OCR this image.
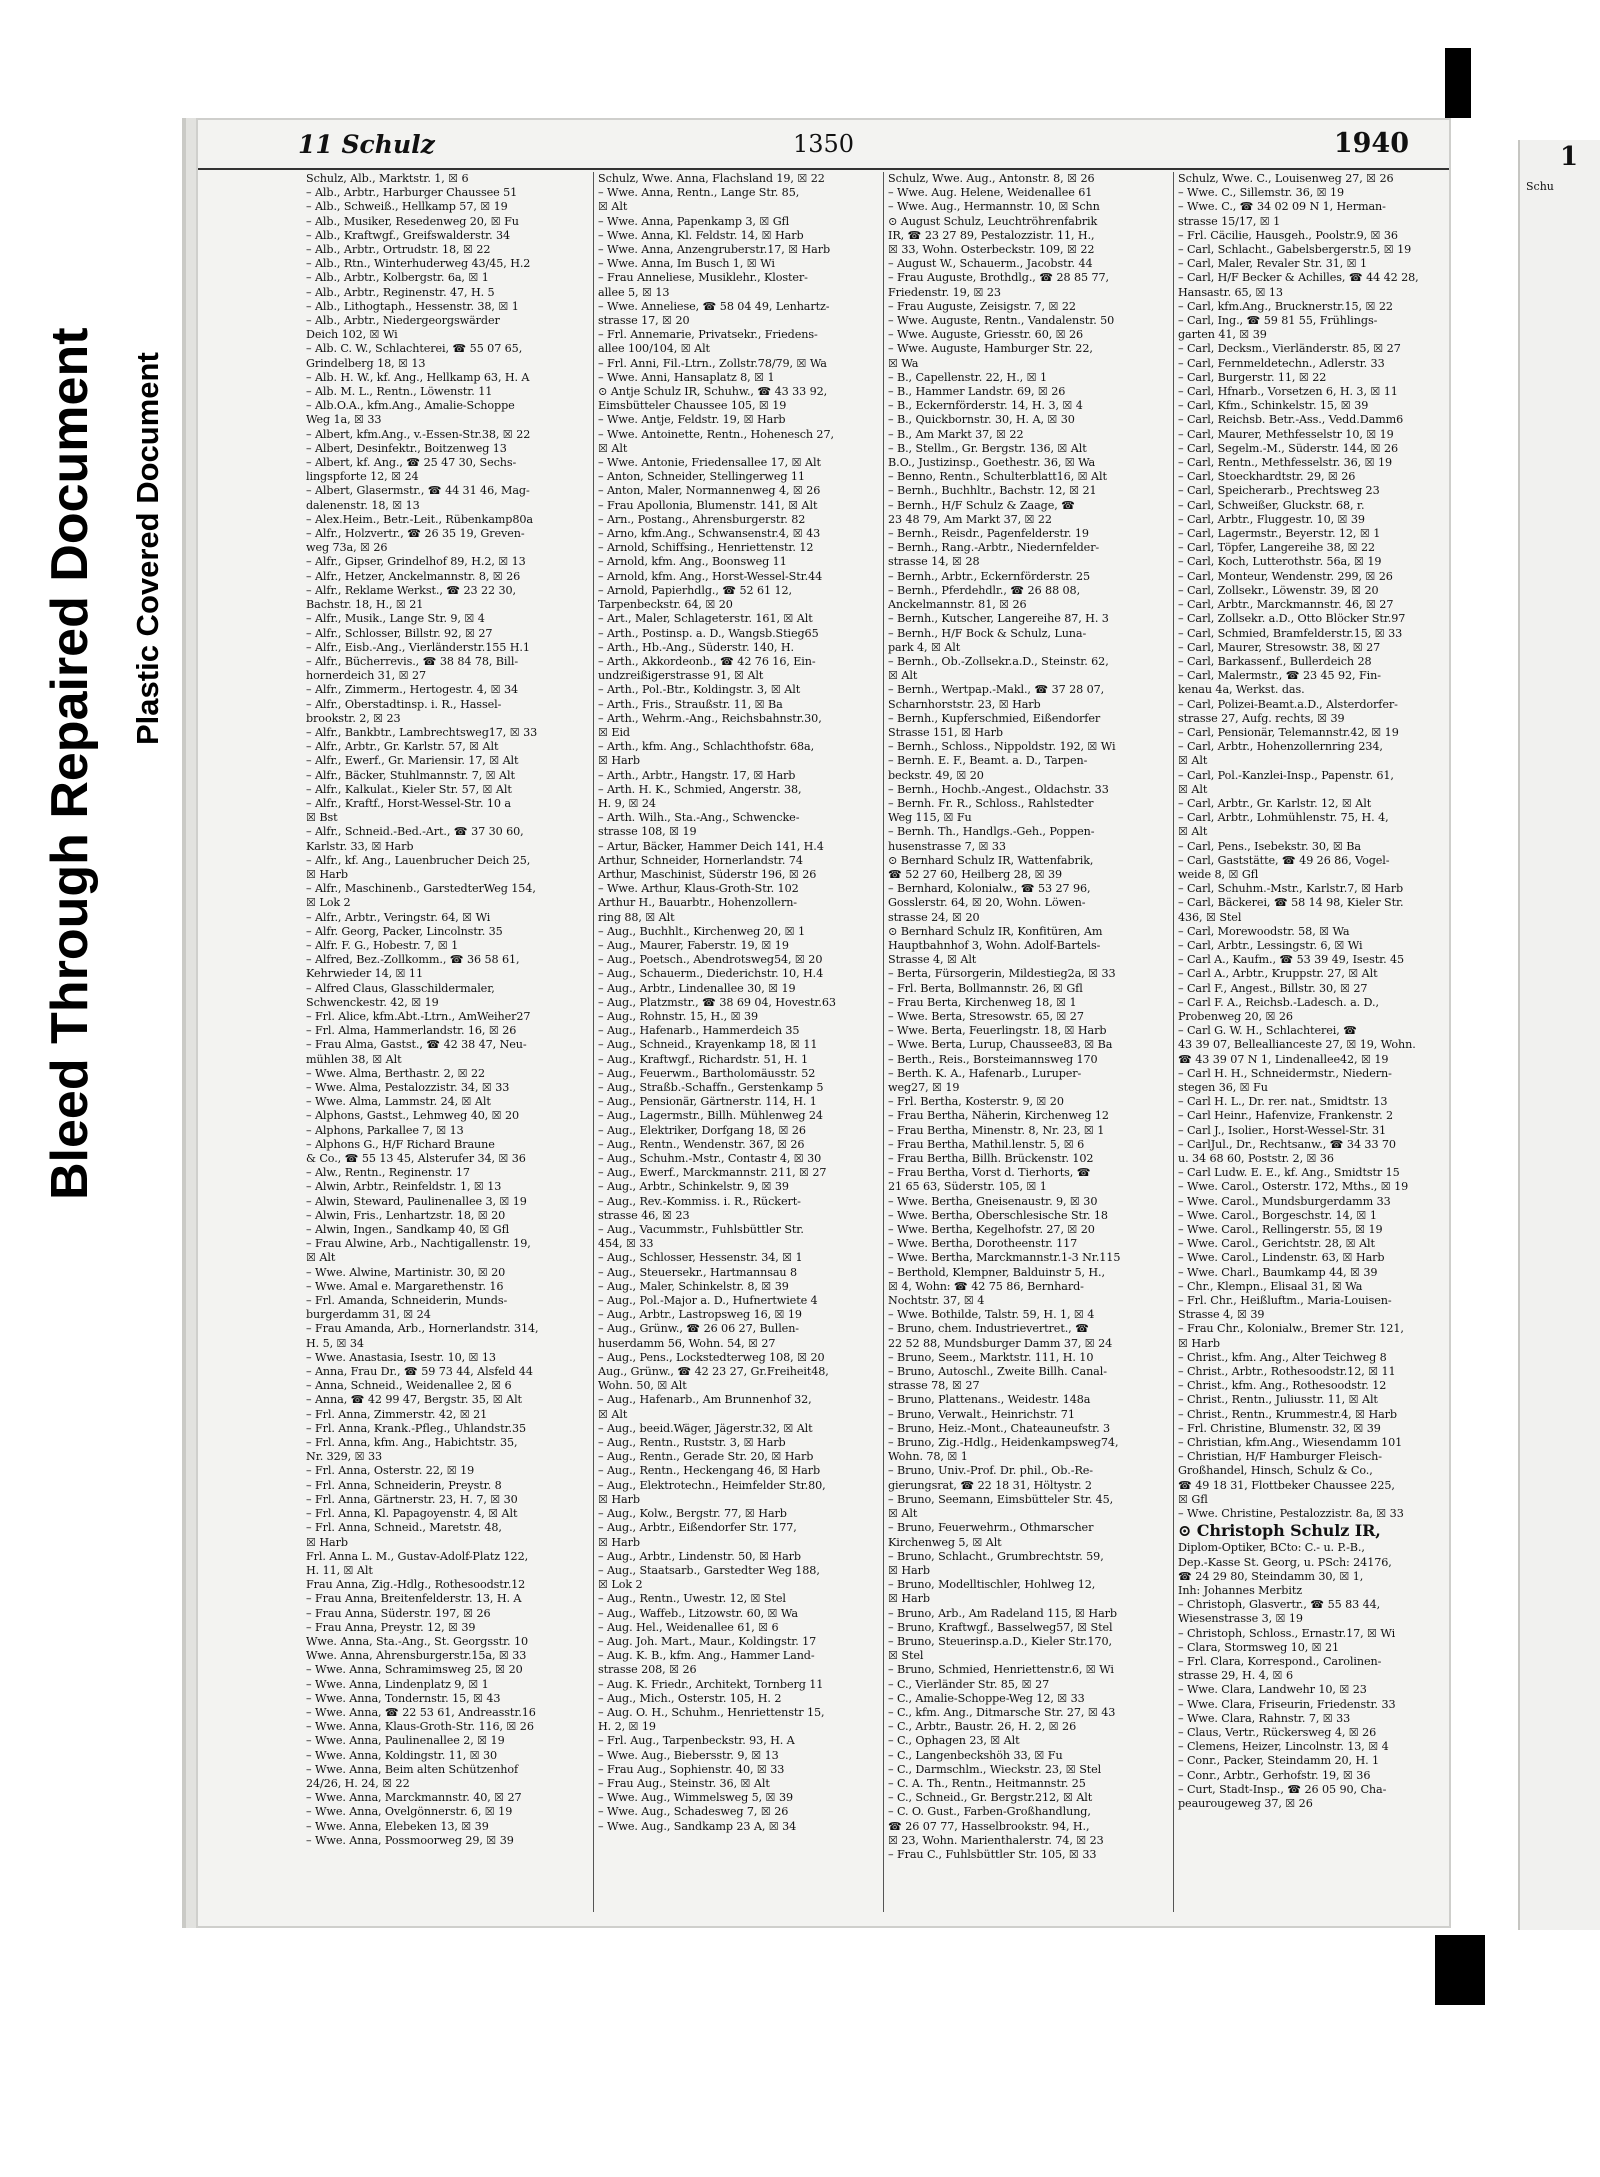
Bleed Through Repaired Document Plastic Covered Document
11 Schulz	1350	1940
Schulz, Alb., Marktstr. 1, ☒ 6
– Alb., Arbtr., Harburger Chaussee 51
– Alb., Schweiß., Hellkamp 57, ☒ 19
– Alb., Musiker, Resedenweg 20, ☒ Fu
– Alb., Kraftwgf., Greifswalderstr. 34
– Alb., Arbtr., Ortrudstr. 18, ☒ 22
– Alb., Rtn., Winterhuderweg 43/45, H.2
– Alb., Arbtr., Kolbergstr. 6a, ☒ 1
– Alb., Arbtr., Reginenstr. 47, H. 5
– Alb., Lithogtaph., Hessenstr. 38, ☒ 1
– Alb., Arbtr., Niedergeorgswärder
Deich 102, ☒ Wi
– Alb. C. W., Schlachterei, ☎ 55 07 65,
Grindelberg 18, ☒ 13
– Alb. H. W., kf. Ang., Hellkamp 63, H. A
– Alb. M. L., Rentn., Löwenstr. 11
– Alb.O.A., kfm.Ang., Amalie-Schoppe
Weg 1a, ☒ 33
– Albert, kfm.Ang., v.-Essen-Str.38, ☒ 22
– Albert, Desinfektr., Boitzenweg 13
– Albert, kf. Ang., ☎ 25 47 30, Sechs-
lingspforte 12, ☒ 24
– Albert, Glasermstr., ☎ 44 31 46, Mag-
dalenenstr. 18, ☒ 13
– Alex.Heim., Betr.-Leit., Rübenkamp80a
– Alfr., Holzvertr., ☎ 26 35 19, Greven-
weg 73a, ☒ 26
– Alfr., Gipser, Grindelhof 89, H.2, ☒ 13
– Alfr., Hetzer, Anckelmannstr. 8, ☒ 26
– Alfr., Reklame Werkst., ☎ 23 22 30,
Bachstr. 18, H., ☒ 21
– Alfr., Musik., Lange Str. 9, ☒ 4
– Alfr., Schlosser, Billstr. 92, ☒ 27
– Alfr., Eisb.-Ang., Vierländerstr.155 H.1
– Alfr., Bücherrevis., ☎ 38 84 78, Bill-
hornerdeich 31, ☒ 27
– Alfr., Zimmerm., Hertogestr. 4, ☒ 34
– Alfr., Oberstadtinsp. i. R., Hassel-
brookstr. 2, ☒ 23
– Alfr., Bankbtr., Lambrechtsweg17, ☒ 33
– Alfr., Arbtr., Gr. Karlstr. 57, ☒ Alt
– Alfr., Ewerf., Gr. Mariensir. 17, ☒ Alt
– Alfr., Bäcker, Stuhlmannstr. 7, ☒ Alt
– Alfr., Kalkulat., Kieler Str. 57, ☒ Alt
– Alfr., Kraftf., Horst-Wessel-Str. 10 a
☒ Bst
– Alfr., Schneid.-Bed.-Art., ☎ 37 30 60,
Karlstr. 33, ☒ Harb
– Alfr., kf. Ang., Lauenbrucher Deich 25,
☒ Harb
– Alfr., Maschinenb., GarstedterWeg 154,
☒ Lok 2
– Alfr., Arbtr., Veringstr. 64, ☒ Wi
– Alfr. Georg, Packer, Lincolnstr. 35
– Alfr. F. G., Hobestr. 7, ☒ 1
– Alfred, Bez.-Zollkomm., ☎ 36 58 61,
Kehrwieder 14, ☒ 11
– Alfred Claus, Glasschildermaler,
Schwenckestr. 42, ☒ 19
– Frl. Alice, kfm.Abt.-Ltrn., AmWeiher27
– Frl. Alma, Hammerlandstr. 16, ☒ 26
– Frau Alma, Gastst., ☎ 42 38 47, Neu-
mühlen 38, ☒ Alt
– Wwe. Alma, Berthastr. 2, ☒ 22
– Wwe. Alma, Pestalozzistr. 34, ☒ 33
– Wwe. Alma, Lammstr. 24, ☒ Alt
– Alphons, Gastst., Lehmweg 40, ☒ 20
– Alphons, Parkallee 7, ☒ 13
– Alphons G., H/F Richard Braune
& Co., ☎ 55 13 45, Alsterufer 34, ☒ 36
– Alw., Rentn., Reginenstr. 17
– Alwin, Arbtr., Reinfeldstr. 1, ☒ 13
– Alwin, Steward, Paulinenallee 3, ☒ 19
– Alwin, Fris., Lenhartzstr. 18, ☒ 20
– Alwin, Ingen., Sandkamp 40, ☒ Gfl
– Frau Alwine, Arb., Nachtigallenstr. 19,
☒ Alt
– Wwe. Alwine, Martinistr. 30, ☒ 20
– Wwe. Amal e. Margarethenstr. 16
– Frl. Amanda, Schneiderin, Munds-
burgerdamm 31, ☒ 24
– Frau Amanda, Arb., Hornerlandstr. 314,
H. 5, ☒ 34
– Wwe. Anastasia, Isestr. 10, ☒ 13
– Anna, Frau Dr., ☎ 59 73 44, Alsfeld 44
– Anna, Schneid., Weidenallee 2, ☒ 6
– Anna, ☎ 42 99 47, Bergstr. 35, ☒ Alt
– Frl. Anna, Zimmerstr. 42, ☒ 21
– Frl. Anna, Krank.-Pfleg., Uhlandstr.35
– Frl. Anna, kfm. Ang., Habichtstr. 35,
Nr. 329, ☒ 33
– Frl. Anna, Osterstr. 22, ☒ 19
– Frl. Anna, Schneiderin, Preystr. 8
– Frl. Anna, Gärtnerstr. 23, H. 7, ☒ 30
– Frl. Anna, Kl. Papagoyenstr. 4, ☒ Alt
– Frl. Anna, Schneid., Maretstr. 48,
☒ Harb
Frl. Anna L. M., Gustav-Adolf-Platz 122,
H. 11, ☒ Alt
Frau Anna, Zig.-Hdlg., Rothesoodstr.12
– Frau Anna, Breitenfelderstr. 13, H. A
– Frau Anna, Süderstr. 197, ☒ 26
– Frau Anna, Preystr. 12, ☒ 39
Wwe. Anna, Sta.-Ang., St. Georgsstr. 10
Wwe. Anna, Ahrensburgerstr.15a, ☒ 33
– Wwe. Anna, Schramimsweg 25, ☒ 20
– Wwe. Anna, Lindenplatz 9, ☒ 1
– Wwe. Anna, Tondernstr. 15, ☒ 43
– Wwe. Anna, ☎ 22 53 61, Andreasstr.16
– Wwe. Anna, Klaus-Groth-Str. 116, ☒ 26
– Wwe. Anna, Paulinenallee 2, ☒ 19
– Wwe. Anna, Koldingstr. 11, ☒ 30
– Wwe. Anna, Beim alten Schützenhof
24/26, H. 24, ☒ 22
– Wwe. Anna, Marckmannstr. 40, ☒ 27
– Wwe. Anna, Ovelgönnerstr. 6, ☒ 19
– Wwe. Anna, Elebeken 13, ☒ 39
– Wwe. Anna, Possmoorweg 29, ☒ 39
Schulz, Wwe. Anna, Flachsland 19, ☒ 22
– Wwe. Anna, Rentn., Lange Str. 85,
☒ Alt
– Wwe. Anna, Papenkamp 3, ☒ Gfl
– Wwe. Anna, Kl. Feldstr. 14, ☒ Harb
– Wwe. Anna, Anzengruberstr.17, ☒ Harb
– Wwe. Anna, Im Busch 1, ☒ Wi
– Frau Anneliese, Musiklehr., Kloster-
allee 5, ☒ 13
– Wwe. Anneliese, ☎ 58 04 49, Lenhartz-
strasse 17, ☒ 20
– Frl. Annemarie, Privatsekr., Friedens-
allee 100/104, ☒ Alt
– Frl. Anni, Fil.-Ltrn., Zollstr.78/79, ☒ Wa
– Wwe. Anni, Hansaplatz 8, ☒ 1
⊙ Antje Schulz IR, Schuhw., ☎ 43 33 92,
Eimsbütteler Chaussee 105, ☒ 19
– Wwe. Antje, Feldstr. 19, ☒ Harb
– Wwe. Antoinette, Rentn., Hohenesch 27,
☒ Alt
– Wwe. Antonie, Friedensallee 17, ☒ Alt
– Anton, Schneider, Stellingerweg 11
– Anton, Maler, Normannenweg 4, ☒ 26
– Frau Apollonia, Blumenstr. 141, ☒ Alt
– Arn., Postang., Ahrensburgerstr. 82
– Arno, kfm.Ang., Schwansenstr.4, ☒ 43
– Arnold, Schiffsing., Henriettenstr. 12
– Arnold, kfm. Ang., Boonsweg 11
– Arnold, kfm. Ang., Horst-Wessel-Str.44
– Arnold, Papierhdlg., ☎ 52 61 12,
Tarpenbeckstr. 64, ☒ 20
– Art., Maler, Schlageterstr. 161, ☒ Alt
– Arth., Postinsp. a. D., Wangsb.Stieg65
– Arth., Hb.-Ang., Süderstr. 140, H.
– Arth., Akkordeonb., ☎ 42 76 16, Ein-
undzreißigerstrasse 91, ☒ Alt
– Arth., Pol.-Btr., Koldingstr. 3, ☒ Alt
– Arth., Fris., Straußstr. 11, ☒ Ba
– Arth., Wehrm.-Ang., Reichsbahnstr.30,
☒ Eid
– Arth., kfm. Ang., Schlachthofstr. 68a,
☒ Harb
– Arth., Arbtr., Hangstr. 17, ☒ Harb
– Arth. H. K., Schmied, Angerstr. 38,
H. 9, ☒ 24
– Arth. Wilh., Sta.-Ang., Schwencke-
strasse 108, ☒ 19
– Artur, Bäcker, Hammer Deich 141, H.4
Arthur, Schneider, Hornerlandstr. 74
Arthur, Maschinist, Süderstr 196, ☒ 26
– Wwe. Arthur, Klaus-Groth-Str. 102
Arthur H., Bauarbtr., Hohenzollern-
ring 88, ☒ Alt
– Aug., Buchhlt., Kirchenweg 20, ☒ 1
– Aug., Maurer, Faberstr. 19, ☒ 19
– Aug., Poetsch., Abendrotsweg54, ☒ 20
– Aug., Schauerm., Diederichstr. 10, H.4
– Aug., Arbtr., Lindenallee 30, ☒ 19
– Aug., Platzmstr., ☎ 38 69 04, Hovestr.63
– Aug., Rohnstr. 15, H., ☒ 39
– Aug., Hafenarb., Hammerdeich 35
– Aug., Schneid., Krayenkamp 18, ☒ 11
– Aug., Kraftwgf., Richardstr. 51, H. 1
– Aug., Feuerwm., Bartholomäusstr. 52
– Aug., Straßb.-Schaffn., Gerstenkamp 5
– Aug., Pensionär, Gärtnerstr. 114, H. 1
– Aug., Lagermstr., Billh. Mühlenweg 24
– Aug., Elektriker, Dorfgang 18, ☒ 26
– Aug., Rentn., Wendenstr. 367, ☒ 26
– Aug., Schuhm.-Mstr., Contastr 4, ☒ 30
– Aug., Ewerf., Marckmannstr. 211, ☒ 27
– Aug., Arbtr., Schinkelstr. 9, ☒ 39
– Aug., Rev.-Kommiss. i. R., Rückert-
strasse 46, ☒ 23
– Aug., Vacummstr., Fuhlsbüttler Str.
454, ☒ 33
– Aug., Schlosser, Hessenstr. 34, ☒ 1
– Aug., Steuersekr., Hartmannsau 8
– Aug., Maler, Schinkelstr. 8, ☒ 39
– Aug., Pol.-Major a. D., Hufnertwiete 4
– Aug., Arbtr., Lastropsweg 16, ☒ 19
– Aug., Grünw., ☎ 26 06 27, Bullen-
huserdamm 56, Wohn. 54, ☒ 27
– Aug., Pens., Lockstedterweg 108, ☒ 20
Aug., Grünw., ☎ 42 23 27, Gr.Freiheit48,
Wohn. 50, ☒ Alt
– Aug., Hafenarb., Am Brunnenhof 32,
☒ Alt
– Aug., beeid.Wäger, Jägerstr.32, ☒ Alt
– Aug., Rentn., Ruststr. 3, ☒ Harb
– Aug., Rentn., Gerade Str. 20, ☒ Harb
– Aug., Rentn., Heckengang 46, ☒ Harb
– Aug., Elektrotechn., Heimfelder Str.80,
☒ Harb
– Aug., Kolw., Bergstr. 77, ☒ Harb
– Aug., Arbtr., Eißendorfer Str. 177,
☒ Harb
– Aug., Arbtr., Lindenstr. 50, ☒ Harb
– Aug., Staatsarb., Garstedter Weg 188,
☒ Lok 2
– Aug., Rentn., Uwestr. 12, ☒ Stel
– Aug., Waffeb., Litzowstr. 60, ☒ Wa
– Aug. Hel., Weidenallee 61, ☒ 6
– Aug. Joh. Mart., Maur., Koldingstr. 17
– Aug. K. B., kfm. Ang., Hammer Land-
strasse 208, ☒ 26
– Aug. K. Friedr., Architekt, Tornberg 11
– Aug., Mich., Osterstr. 105, H. 2
– Aug. O. H., Schuhm., Henriettenstr 15,
H. 2, ☒ 19
– Frl. Aug., Tarpenbeckstr. 93, H. A
– Wwe. Aug., Biebersstr. 9, ☒ 13
– Frau Aug., Sophienstr. 40, ☒ 33
– Frau Aug., Steinstr. 36, ☒ Alt
– Wwe. Aug., Wimmelsweg 5, ☒ 39
– Wwe. Aug., Schadesweg 7, ☒ 26
– Wwe. Aug., Sandkamp 23 A, ☒ 34
Schulz, Wwe. Aug., Antonstr. 8, ☒ 26
– Wwe. Aug. Helene, Weidenallee 61
– Wwe. Aug., Hermannstr. 10, ☒ Schn
⊙ August Schulz, Leuchtröhrenfabrik
IR, ☎ 23 27 89, Pestalozzistr. 11, H.,
☒ 33, Wohn. Osterbeckstr. 109, ☒ 22
– August W., Schauerm., Jacobstr. 44
– Frau Auguste, Brothdlg., ☎ 28 85 77,
Friedenstr. 19, ☒ 23
– Frau Auguste, Zeisigstr. 7, ☒ 22
– Wwe. Auguste, Rentn., Vandalenstr. 50
– Wwe. Auguste, Griesstr. 60, ☒ 26
– Wwe. Auguste, Hamburger Str. 22,
☒ Wa
– B., Capellenstr. 22, H., ☒ 1
– B., Hammer Landstr. 69, ☒ 26
– B., Eckernförderstr. 14, H. 3, ☒ 4
– B., Quickbornstr. 30, H. A, ☒ 30
– B., Am Markt 37, ☒ 22
– B., Stellm., Gr. Bergstr. 136, ☒ Alt
B.O., Justizinsp., Goethestr. 36, ☒ Wa
– Benno, Rentn., Schulterblatt16, ☒ Alt
– Bernh., Buchhltr., Bachstr. 12, ☒ 21
– Bernh., H/F Schulz & Zaage, ☎
23 48 79, Am Markt 37, ☒ 22
– Bernh., Reisdr., Pagenfelderstr. 19
– Bernh., Rang.-Arbtr., Niedernfelder-
strasse 14, ☒ 28
– Bernh., Arbtr., Eckernförderstr. 25
– Bernh., Pferdehdlr., ☎ 26 88 08,
Anckelmannstr. 81, ☒ 26
– Bernh., Kutscher, Langereihe 87, H. 3
– Bernh., H/F Bock & Schulz, Luna-
park 4, ☒ Alt
– Bernh., Ob.-Zollsekr.a.D., Steinstr. 62,
☒ Alt
– Bernh., Wertpap.-Makl., ☎ 37 28 07,
Scharnhorststr. 23, ☒ Harb
– Bernh., Kupferschmied, Eißendorfer
Strasse 151, ☒ Harb
– Bernh., Schloss., Nippoldstr. 192, ☒ Wi
– Bernh. E. F., Beamt. a. D., Tarpen-
beckstr. 49, ☒ 20
– Bernh., Hochb.-Angest., Oldachstr. 33
– Bernh. Fr. R., Schloss., Rahlstedter
Weg 115, ☒ Fu
– Bernh. Th., Handlgs.-Geh., Poppen-
husenstrasse 7, ☒ 33
⊙ Bernhard Schulz IR, Wattenfabrik,
☎ 52 27 60, Heilberg 28, ☒ 39
– Bernhard, Kolonialw., ☎ 53 27 96,
Gosslerstr. 64, ☒ 20, Wohn. Löwen-
strasse 24, ☒ 20
⊙ Bernhard Schulz IR, Konfitüren, Am
Hauptbahnhof 3, Wohn. Adolf-Bartels-
Strasse 4, ☒ Alt
– Berta, Fürsorgerin, Mildestieg2a, ☒ 33
– Frl. Berta, Bollmannstr. 26, ☒ Gfl
– Frau Berta, Kirchenweg 18, ☒ 1
– Wwe. Berta, Stresowstr. 65, ☒ 27
– Wwe. Berta, Feuerlingstr. 18, ☒ Harb
– Wwe. Berta, Lurup, Chaussee83, ☒ Ba
– Berth., Reis., Borsteimannsweg 170
– Berth. K. A., Hafenarb., Luruper-
weg27, ☒ 19
– Frl. Bertha, Kosterstr. 9, ☒ 20
– Frau Bertha, Näherin, Kirchenweg 12
– Frau Bertha, Minenstr. 8, Nr. 23, ☒ 1
– Frau Bertha, Mathil.lenstr. 5, ☒ 6
– Frau Bertha, Billh. Brückenstr. 102
– Frau Bertha, Vorst d. Tierhorts, ☎
21 65 63, Süderstr. 105, ☒ 1
– Wwe. Bertha, Gneisenaustr. 9, ☒ 30
– Wwe. Bertha, Oberschlesische Str. 18
– Wwe. Bertha, Kegelhofstr. 27, ☒ 20
– Wwe. Bertha, Dorotheenstr. 117
– Wwe. Bertha, Marckmannstr.1-3 Nr.115
– Berthold, Klempner, Balduinstr 5, H.,
☒ 4, Wohn: ☎ 42 75 86, Bernhard-
Nochtstr. 37, ☒ 4
– Wwe. Bothilde, Talstr. 59, H. 1, ☒ 4
– Bruno, chem. Industrievertret., ☎
22 52 88, Mundsburger Damm 37, ☒ 24
– Bruno, Seem., Marktstr. 111, H. 10
– Bruno, Autoschl., Zweite Billh. Canal-
strasse 78, ☒ 27
– Bruno, Plattenans., Weidestr. 148a
– Bruno, Verwalt., Heinrichstr. 71
– Bruno, Heiz.-Mont., Chateauneufstr. 3
– Bruno, Zig.-Hdlg., Heidenkampsweg74,
Wohn. 78, ☒ 1
– Bruno, Univ.-Prof. Dr. phil., Ob.-Re-
gierungsrat, ☎ 22 18 31, Höltystr. 2
– Bruno, Seemann, Eimsbütteler Str. 45,
☒ Alt
– Bruno, Feuerwehrm., Othmarscher
Kirchenweg 5, ☒ Alt
– Bruno, Schlacht., Grumbrechtstr. 59,
☒ Harb
– Bruno, Modelltischler, Hohlweg 12,
☒ Harb
– Bruno, Arb., Am Radeland 115, ☒ Harb
– Bruno, Kraftwgf., Basselweg57, ☒ Stel
– Bruno, Steuerinsp.a.D., Kieler Str.170,
☒ Stel
– Bruno, Schmied, Henriettenstr.6, ☒ Wi
– C., Vierländer Str. 85, ☒ 27
– C., Amalie-Schoppe-Weg 12, ☒ 33
– C., kfm. Ang., Ditmarsche Str. 27, ☒ 43
– C., Arbtr., Baustr. 26, H. 2, ☒ 26
– C., Ophagen 23, ☒ Alt
– C., Langenbeckshöh 33, ☒ Fu
– C., Darmschlm., Wieckstr. 23, ☒ Stel
– C. A. Th., Rentn., Heitmannstr. 25
– C., Schneid., Gr. Bergstr.212, ☒ Alt
– C. O. Gust., Farben-Großhandlung,
☎ 26 07 77, Hasselbrookstr. 94, H.,
☒ 23, Wohn. Marienthalerstr. 74, ☒ 23
– Frau C., Fuhlsbüttler Str. 105, ☒ 33
Schulz, Wwe. C., Louisenweg 27, ☒ 26
– Wwe. C., Sillemstr. 36, ☒ 19
– Wwe. C., ☎ 34 02 09 N 1, Herman-
strasse 15/17, ☒ 1
– Frl. Cäcilie, Hausgeh., Poolstr.9, ☒ 36
– Carl, Schlacht., Gabelsbergerstr.5, ☒ 19
– Carl, Maler, Revaler Str. 31, ☒ 1
– Carl, H/F Becker & Achilles, ☎ 44 42 28,
Hansastr. 65, ☒ 13
– Carl, kfm.Ang., Brucknerstr.15, ☒ 22
– Carl, Ing., ☎ 59 81 55, Frühlings-
garten 41, ☒ 39
– Carl, Decksm., Vierländerstr. 85, ☒ 27
– Carl, Fernmeldetechn., Adlerstr. 33
– Carl, Burgerstr. 11, ☒ 22
– Carl, Hfnarb., Vorsetzen 6, H. 3, ☒ 11
– Carl, Kfm., Schinkelstr. 15, ☒ 39
– Carl, Reichsb. Betr.-Ass., Vedd.Damm6
– Carl, Maurer, Methfesselstr 10, ☒ 19
– Carl, Segelm.-M., Süderstr. 144, ☒ 26
– Carl, Rentn., Methfesselstr. 36, ☒ 19
– Carl, Stoeckhardtstr. 29, ☒ 26
– Carl, Speicherarb., Prechtsweg 23
– Carl, Schweißer, Gluckstr. 68, r.
– Carl, Arbtr., Fluggestr. 10, ☒ 39
– Carl, Lagermstr., Beyerstr. 12, ☒ 1
– Carl, Töpfer, Langereihe 38, ☒ 22
– Carl, Koch, Lutterothstr. 56a, ☒ 19
– Carl, Monteur, Wendenstr. 299, ☒ 26
– Carl, Zollsekr., Löwenstr. 39, ☒ 20
– Carl, Arbtr., Marckmannstr. 46, ☒ 27
– Carl, Zollsekr. a.D., Otto Blöcker Str.97
– Carl, Schmied, Bramfelderstr.15, ☒ 33
– Carl, Maurer, Stresowstr. 38, ☒ 27
– Carl, Barkassenf., Bullerdeich 28
– Carl, Malermstr., ☎ 23 45 92, Fin-
kenau 4a, Werkst. das.
– Carl, Polizei-Beamt.a.D., Alsterdorfer-
strasse 27, Aufg. rechts, ☒ 39
– Carl, Pensionär, Telemannstr.42, ☒ 19
– Carl, Arbtr., Hohenzollernring 234,
☒ Alt
– Carl, Pol.-Kanzlei-Insp., Papenstr. 61,
☒ Alt
– Carl, Arbtr., Gr. Karlstr. 12, ☒ Alt
– Carl, Arbtr., Lohmühlenstr. 75, H. 4,
☒ Alt
– Carl, Pens., Isebekstr. 30, ☒ Ba
– Carl, Gaststätte, ☎ 49 26 86, Vogel-
weide 8, ☒ Gfl
– Carl, Schuhm.-Mstr., Karlstr.7, ☒ Harb
– Carl, Bäckerei, ☎ 58 14 98, Kieler Str.
436, ☒ Stel
– Carl, Morewoodstr. 58, ☒ Wa
– Carl, Arbtr., Lessingstr. 6, ☒ Wi
– Carl A., Kaufm., ☎ 53 39 49, Isestr. 45
– Carl A., Arbtr., Kruppstr. 27, ☒ Alt
– Carl F., Angest., Billstr. 30, ☒ 27
– Carl F. A., Reichsb.-Ladesch. a. D.,
Probenweg 20, ☒ 26
– Carl G. W. H., Schlachterei, ☎
43 39 07, Belleallianceste 27, ☒ 19, Wohn.
☎ 43 39 07 N 1, Lindenallee42, ☒ 19
– Carl H. H., Schneidermstr., Niedern-
stegen 36, ☒ Fu
– Carl H. L., Dr. rer. nat., Smidtstr. 13
– Carl Heinr., Hafenvize, Frankenstr. 2
– Carl J., Isolier., Horst-Wessel-Str. 31
– CarlJul., Dr., Rechtsanw., ☎ 34 33 70
u. 34 68 60, Poststr. 2, ☒ 36
– Carl Ludw. E. E., kf. Ang., Smidtstr 15
– Wwe. Carol., Osterstr. 172, Mths., ☒ 19
– Wwe. Carol., Mundsburgerdamm 33
– Wwe. Carol., Borgeschstr. 14, ☒ 1
– Wwe. Carol., Rellingerstr. 55, ☒ 19
– Wwe. Carol., Gerichtstr. 28, ☒ Alt
– Wwe. Carol., Lindenstr. 63, ☒ Harb
– Wwe. Charl., Baumkamp 44, ☒ 39
– Chr., Klempn., Elisaal 31, ☒ Wa
– Frl. Chr., Heißluftm., Maria-Louisen-
Strasse 4, ☒ 39
– Frau Chr., Kolonialw., Bremer Str. 121,
☒ Harb
– Christ., kfm. Ang., Alter Teichweg 8
– Christ., Arbtr., Rothesoodstr.12, ☒ 11
– Christ., kfm. Ang., Rothesoodstr. 12
– Christ., Rentn., Juliusstr. 11, ☒ Alt
– Christ., Rentn., Krummestr.4, ☒ Harb
– Frl. Christine, Blumenstr. 32, ☒ 39
– Christian, kfm.Ang., Wiesendamm 101
– Christian, H/F Hamburger Fleisch-
Großhandel, Hinsch, Schulz & Co.,
☎ 49 18 31, Flottbeker Chaussee 225,
☒ Gfl
– Wwe. Christine, Pestalozzistr. 8a, ☒ 33
⊙ Christoph Schulz IR,
Diplom-Optiker, BCto: C.- u. P.-B.,
Dep.-Kasse St. Georg, u. PSch: 24176,
☎ 24 29 80, Steindamm 30, ☒ 1,
Inh: Johannes Merbitz
– Christoph, Glasvertr., ☎ 55 83 44,
Wiesenstrasse 3, ☒ 19
– Christoph, Schloss., Ernastr.17, ☒ Wi
– Clara, Stormsweg 10, ☒ 21
– Frl. Clara, Korrespond., Carolinen-
strasse 29, H. 4, ☒ 6
– Wwe. Clara, Landwehr 10, ☒ 23
– Wwe. Clara, Friseurin, Friedenstr. 33
– Wwe. Clara, Rahnstr. 7, ☒ 33
– Claus, Vertr., Rückersweg 4, ☒ 26
– Clemens, Heizer, Lincolnstr. 13, ☒ 4
– Conr., Packer, Steindamm 20, H. 1
– Conr., Arbtr., Gerhofstr. 19, ☒ 36
– Curt, Stadt-Insp., ☎ 26 05 90, Cha-
peaurougeweg 37, ☒ 26
1
Schu
